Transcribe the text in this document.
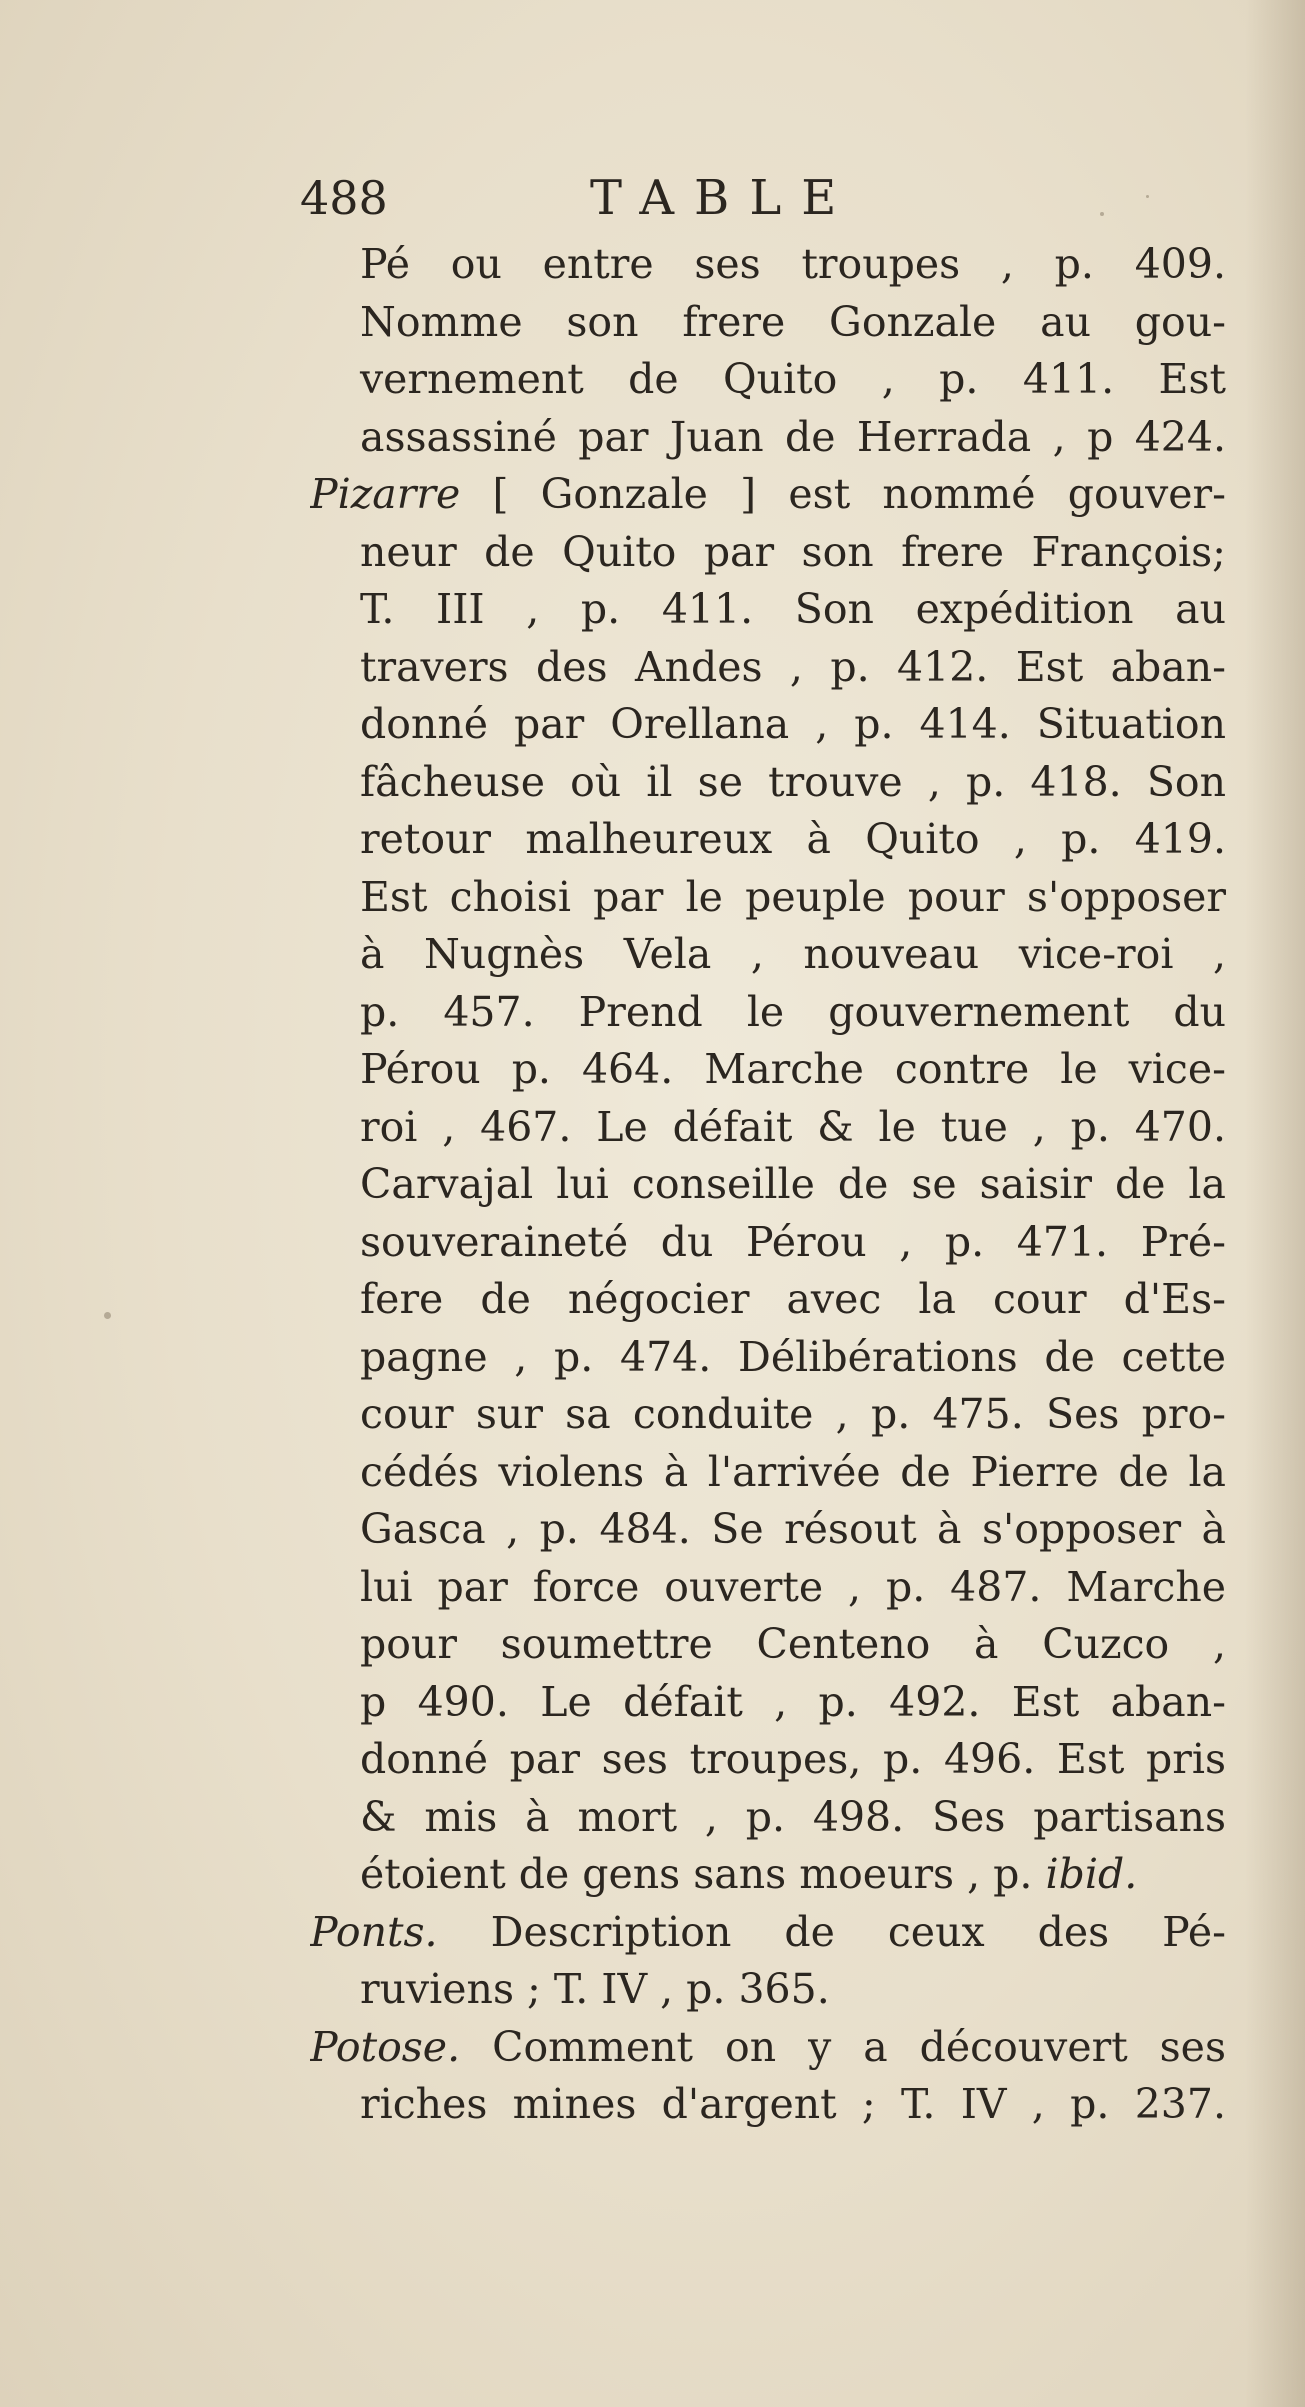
488	TABLE
Pé ou entre ses troupes , p. 409.
Nomme son frere Gonzale au gou-
vernement de Quito , p. 411. Est
assassiné par Juan de Herrada , p 424.
Pizarre [ Gonzale ] est nommé gouver-
neur de Quito par son frere François;
T. III , p. 411. Son expédition au
travers des Andes , p. 412. Est aban-
donné par Orellana , p. 414. Situation
fâcheuse où il se trouve , p. 418. Son
retour malheureux à Quito , p. 419.
Est choisi par le peuple pour s'opposer
à Nugnès Vela , nouveau vice-roi ,
p. 457. Prend le gouvernement du
Pérou p. 464. Marche contre le vice-
roi , 467. Le défait & le tue , p. 470.
Carvajal lui conseille de se saisir de la
souveraineté du Pérou , p. 471. Pré-
fere de négocier avec la cour d'Es-
pagne , p. 474. Délibérations de cette
cour sur sa conduite , p. 475. Ses pro-
cédés violens à l'arrivée de Pierre de la
Gasca , p. 484. Se résout à s'opposer à
lui par force ouverte , p. 487. Marche
pour soumettre Centeno à Cuzco ,
p 490. Le défait , p. 492. Est aban-
donné par ses troupes, p. 496. Est pris
& mis à mort , p. 498. Ses partisans
étoient de gens sans moeurs , p. ibid.
Ponts. Description de ceux des Pé-
ruviens ; T. IV , p. 365.
Potose. Comment on y a découvert ses
riches mines d'argent ; T. IV , p. 237.
